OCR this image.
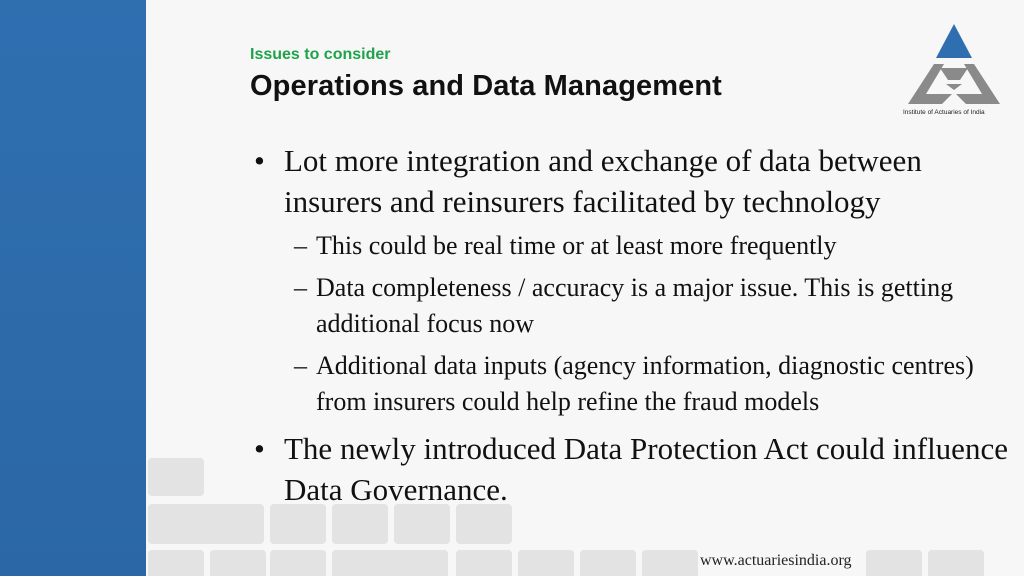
Issues to consider
Operations and Data Management
Institute of Actuaries of India
• Lot more integration and exchange of data between insurers and reinsurers facilitated by technology
– This could be real time or at least more frequently
– Data completeness / accuracy is a major issue. This is getting additional focus now
– Additional data inputs (agency information, diagnostic centres) from insurers could help refine the fraud models
• The newly introduced Data Protection Act could influence Data Governance.
www.actuariesindia.org
